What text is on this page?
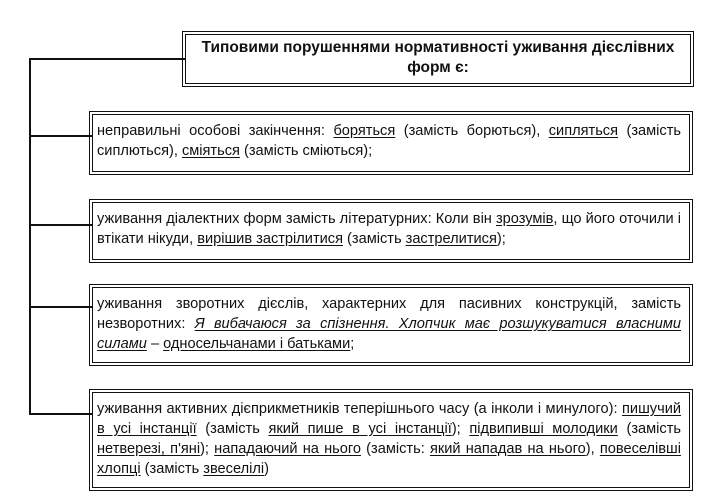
Типовими порушеннями нормативності уживання дієслівних форм є:
неправильні особові закінчення: боряться (замість борються), сипляться (замість сиплються), сміяться (замість сміються);
уживання діалектних форм замість літературних: Коли він зрозумів, що його оточили і втікати нікуди, вирішив застрілитися (замість застрелитися);
уживання зворотних дієслів, характерних для пасивних конструкцій, замість незворотних: Я вибачаюся за спізнення. Хлопчик має розшукуватися власними силами – односельчанами і батьками;
уживання активних дієприкметників теперішнього часу (а інколи і минулого): пишучий в усі інстанції (замість який пише в усі інстанції); підвипивші молодики (замість нетверезі, п'яні); нападаючий на нього (замість: який нападав на нього), повеселівші хлопці (замість звеселілі)
